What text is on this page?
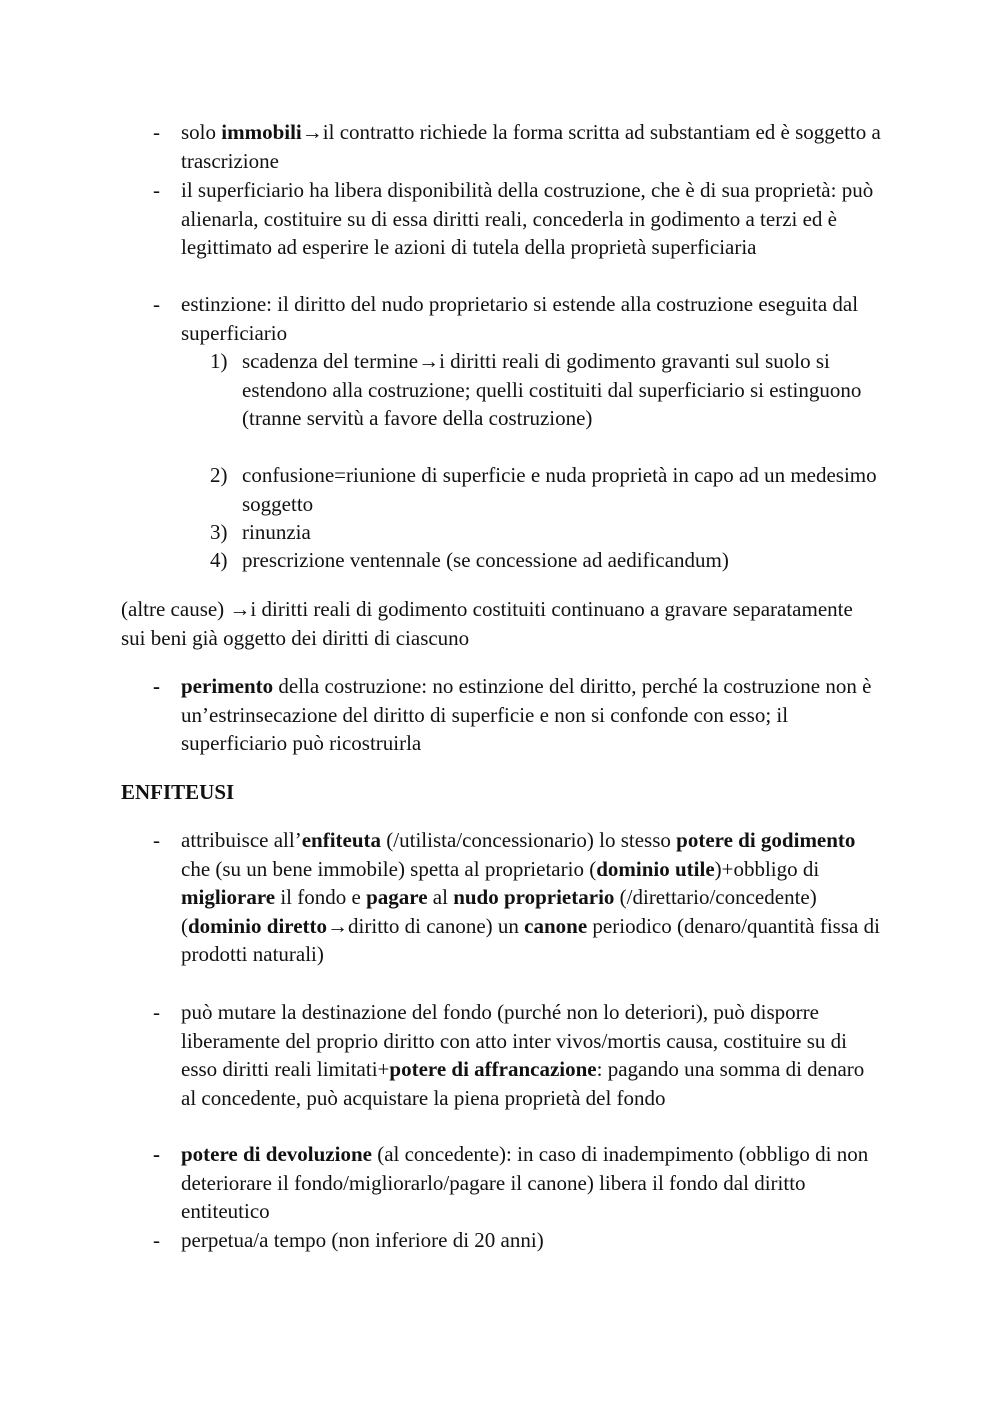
- solo immobili→il contratto richiede la forma scritta ad substantiam ed è soggetto a trascrizione
- il superficiario ha libera disponibilità della costruzione, che è di sua proprietà: può alienarla, costituire su di essa diritti reali, concederla in godimento a terzi ed è legittimato ad esperire le azioni di tutela della proprietà superficiaria
- estinzione: il diritto del nudo proprietario si estende alla costruzione eseguita dal superficiario
1) scadenza del termine→i diritti reali di godimento gravanti sul suolo si estendono alla costruzione; quelli costituiti dal superficiario si estinguono (tranne servitù a favore della costruzione)
2) confusione=riunione di superficie e nuda proprietà in capo ad un medesimo soggetto
3) rinunzia
4) prescrizione ventennale (se concessione ad aedificandum)
(altre cause) →i diritti reali di godimento costituiti continuano a gravare separatamente sui beni già oggetto dei diritti di ciascuno
- perimento della costruzione: no estinzione del diritto, perché la costruzione non è un’estrinsecazione del diritto di superficie e non si confonde con esso; il superficiario può ricostruirla
ENFITEUSI
- attribuisce all’enfiteuta (/utilista/concessionario) lo stesso potere di godimento che (su un bene immobile) spetta al proprietario (dominio utile)+obbligo di migliorare il fondo e pagare al nudo proprietario (/direttario/concedente) (dominio diretto→diritto di canone) un canone periodico (denaro/quantità fissa di prodotti naturali)
- può mutare la destinazione del fondo (purché non lo deteriori), può disporre liberamente del proprio diritto con atto inter vivos/mortis causa, costituire su di esso diritti reali limitati+potere di affrancazione: pagando una somma di denaro al concedente, può acquistare la piena proprietà del fondo
- potere di devoluzione (al concedente): in caso di inadempimento (obbligo di non deteriorare il fondo/migliorarlo/pagare il canone) libera il fondo dal diritto entiteutico
- perpetua/a tempo (non inferiore di 20 anni)
